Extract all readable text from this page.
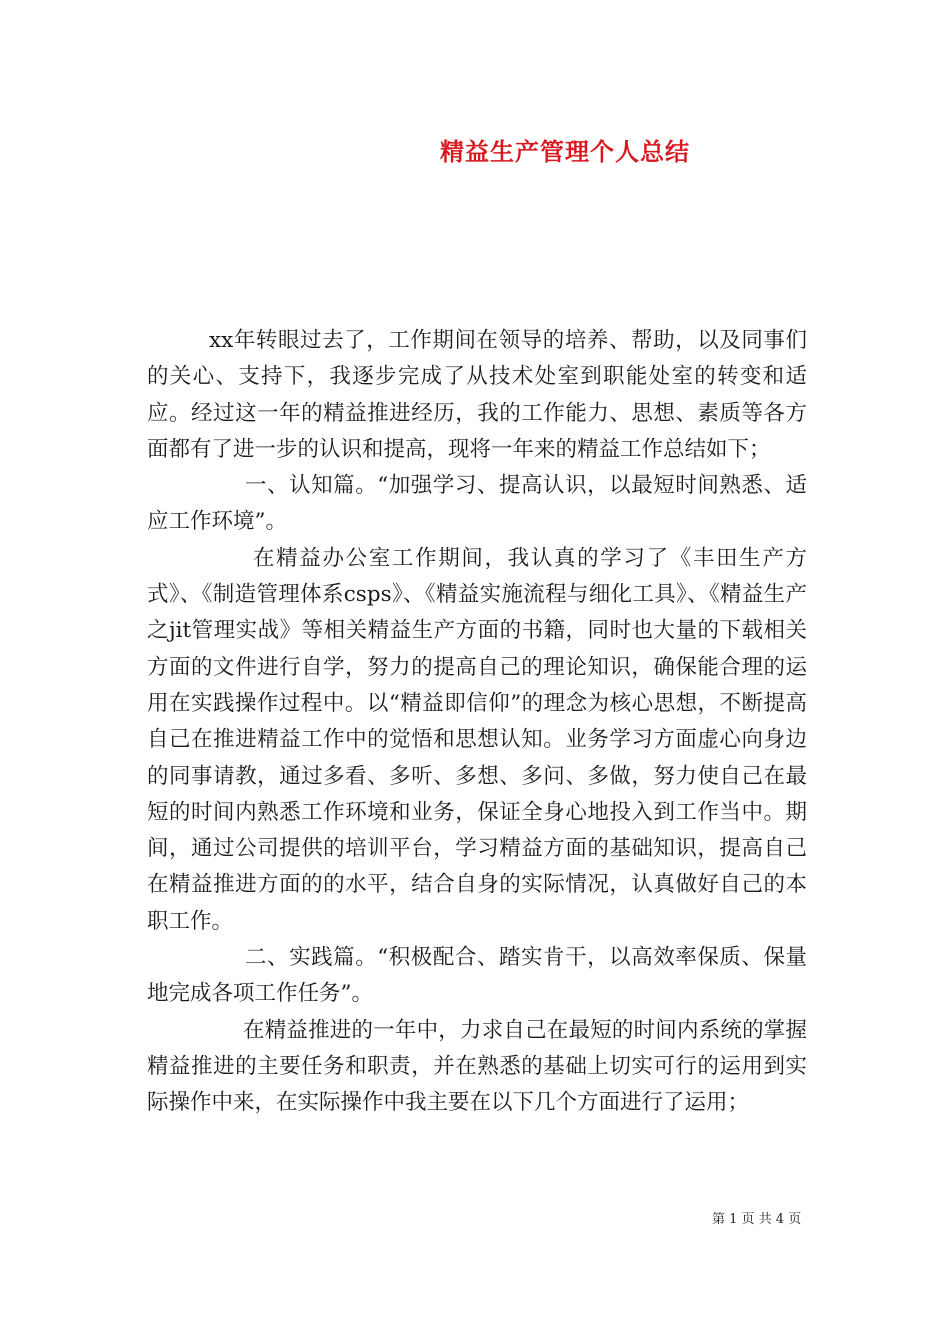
精益生产管理个人总结

xx年转眼过去了，工作期间在领导的培养、帮助，以及同事们的关心、支持下，我逐步完成了从技术处室到职能处室的转变和适应。经过这一年的精益推进经历，我的工作能力、思想、素质等各方面都有了进一步的认识和提高，现将一年来的精益工作总结如下；

一、认知篇。“加强学习、提高认识，以最短时间熟悉、适应工作环境”。

在精益办公室工作期间，我认真的学习了《丰田生产方式》、《制造管理体系csps》、《精益实施流程与细化工具》、《精益生产之jit管理实战》等相关精益生产方面的书籍，同时也大量的下载相关方面的文件进行自学，努力的提高自己的理论知识，确保能合理的运用在实践操作过程中。以“精益即信仰”的理念为核心思想，不断提高自己在推进精益工作中的觉悟和思想认知。业务学习方面虚心向身边的同事请教，通过多看、多听、多想、多问、多做，努力使自己在最短的时间内熟悉工作环境和业务，保证全身心地投入到工作当中。期间，通过公司提供的培训平台，学习精益方面的基础知识，提高自己在精益推进方面的的水平，结合自身的实际情况，认真做好自己的本职工作。

二、实践篇。“积极配合、踏实肯干，以高效率保质、保量地完成各项工作任务”。

在精益推进的一年中，力求自己在最短的时间内系统的掌握精益推进的主要任务和职责，并在熟悉的基础上切实可行的运用到实际操作中来，在实际操作中我主要在以下几个方面进行了运用；

第 1 页 共 4 页
